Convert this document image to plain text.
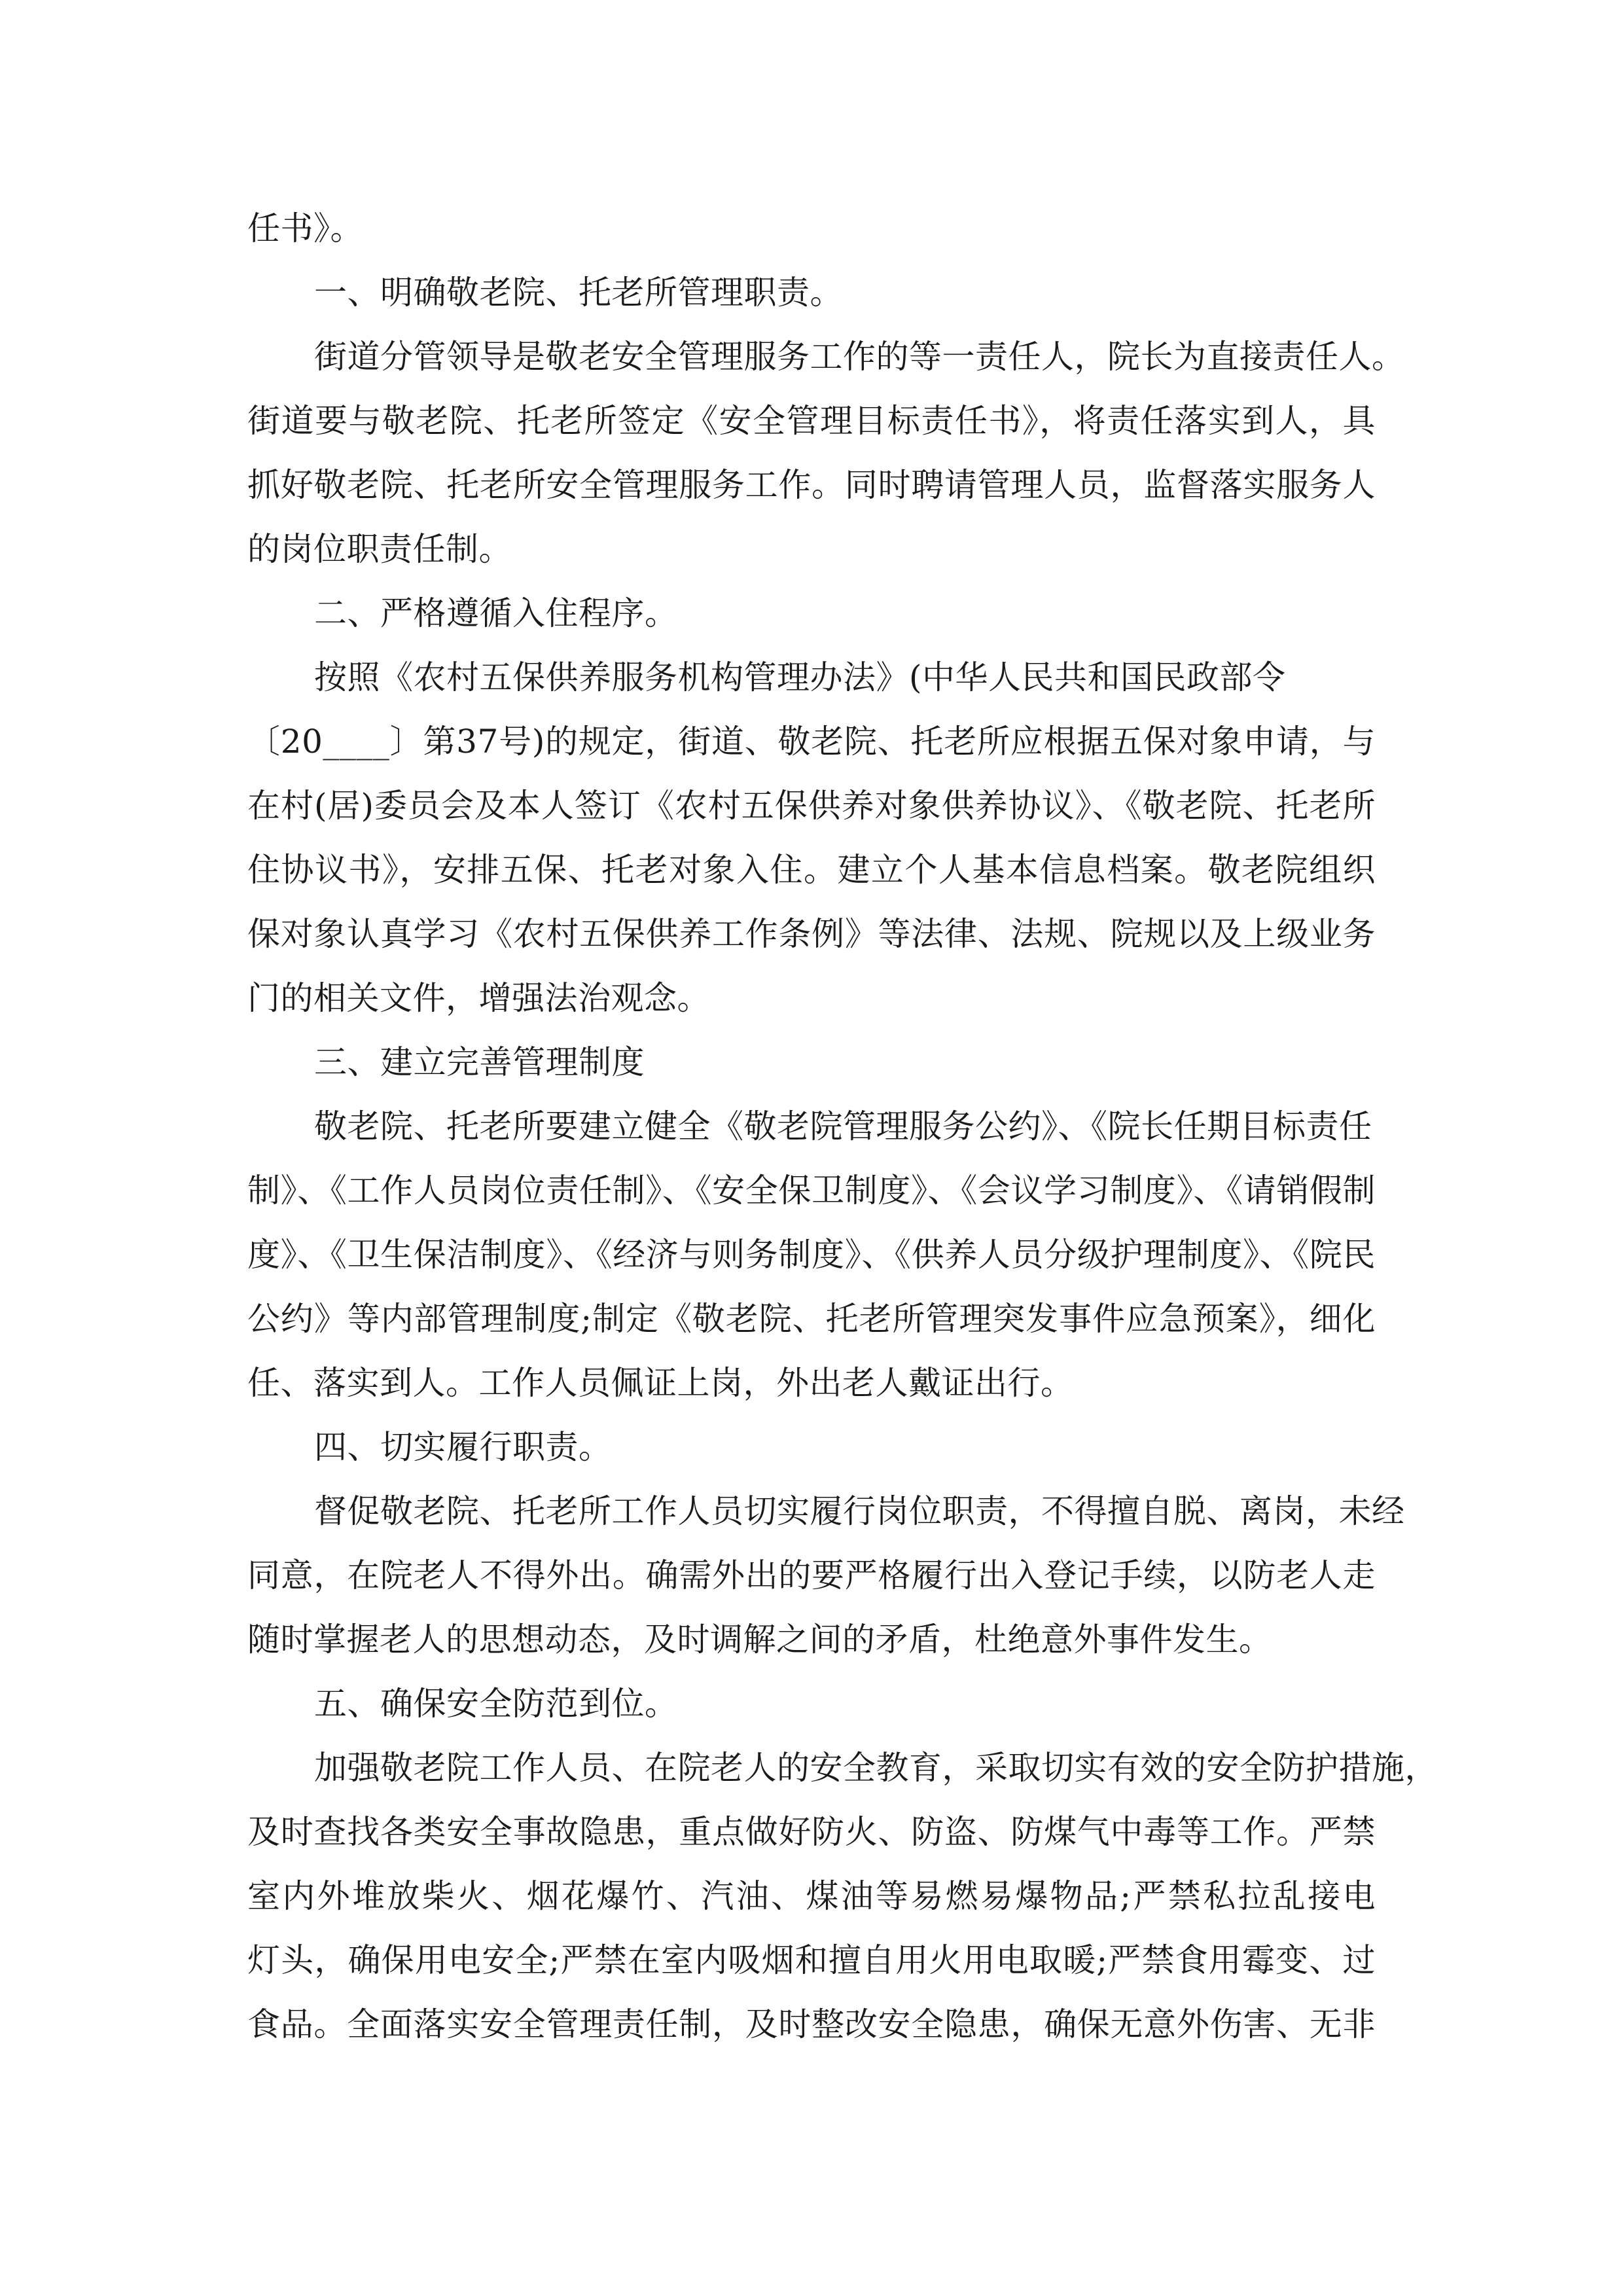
任书》。
一、明确敬老院、托老所管理职责。
街道分管领导是敬老安全管理服务工作的等一责任人，院长为直接责任人。
街道要与敬老院、托老所签定《安全管理目标责任书》，将责任落实到人，具
抓好敬老院、托老所安全管理服务工作。同时聘请管理人员，监督落实服务人
的岗位职责任制。
二、严格遵循入住程序。
按照《农村五保供养服务机构管理办法》(中华人民共和国民政部令
〔20____〕第37号)的规定，街道、敬老院、托老所应根据五保对象申请，与
在村(居)委员会及本人签订《农村五保供养对象供养协议》、《敬老院、托老所
住协议书》，安排五保、托老对象入住。建立个人基本信息档案。敬老院组织
保对象认真学习《农村五保供养工作条例》等法律、法规、院规以及上级业务
门的相关文件，增强法治观念。
三、建立完善管理制度
敬老院、托老所要建立健全《敬老院管理服务公约》、《院长任期目标责任
制》、《工作人员岗位责任制》、《安全保卫制度》、《会议学习制度》、《请销假制
度》、《卫生保洁制度》、《经济与则务制度》、《供养人员分级护理制度》、《院民
公约》等内部管理制度;制定《敬老院、托老所管理突发事件应急预案》，细化
任、落实到人。工作人员佩证上岗，外出老人戴证出行。
四、切实履行职责。
督促敬老院、托老所工作人员切实履行岗位职责，不得擅自脱、离岗，未经
同意，在院老人不得外出。确需外出的要严格履行出入登记手续，以防老人走
随时掌握老人的思想动态，及时调解之间的矛盾，杜绝意外事件发生。
五、确保安全防范到位。
加强敬老院工作人员、在院老人的安全教育，采取切实有效的安全防护措施，
及时查找各类安全事故隐患，重点做好防火、防盗、防煤气中毒等工作。严禁
室内外堆放柴火、烟花爆竹、汽油、煤油等易燃易爆物品;严禁私拉乱接电
灯头，确保用电安全;严禁在室内吸烟和擅自用火用电取暖;严禁食用霉变、过
食品。全面落实安全管理责任制，及时整改安全隐患，确保无意外伤害、无非
